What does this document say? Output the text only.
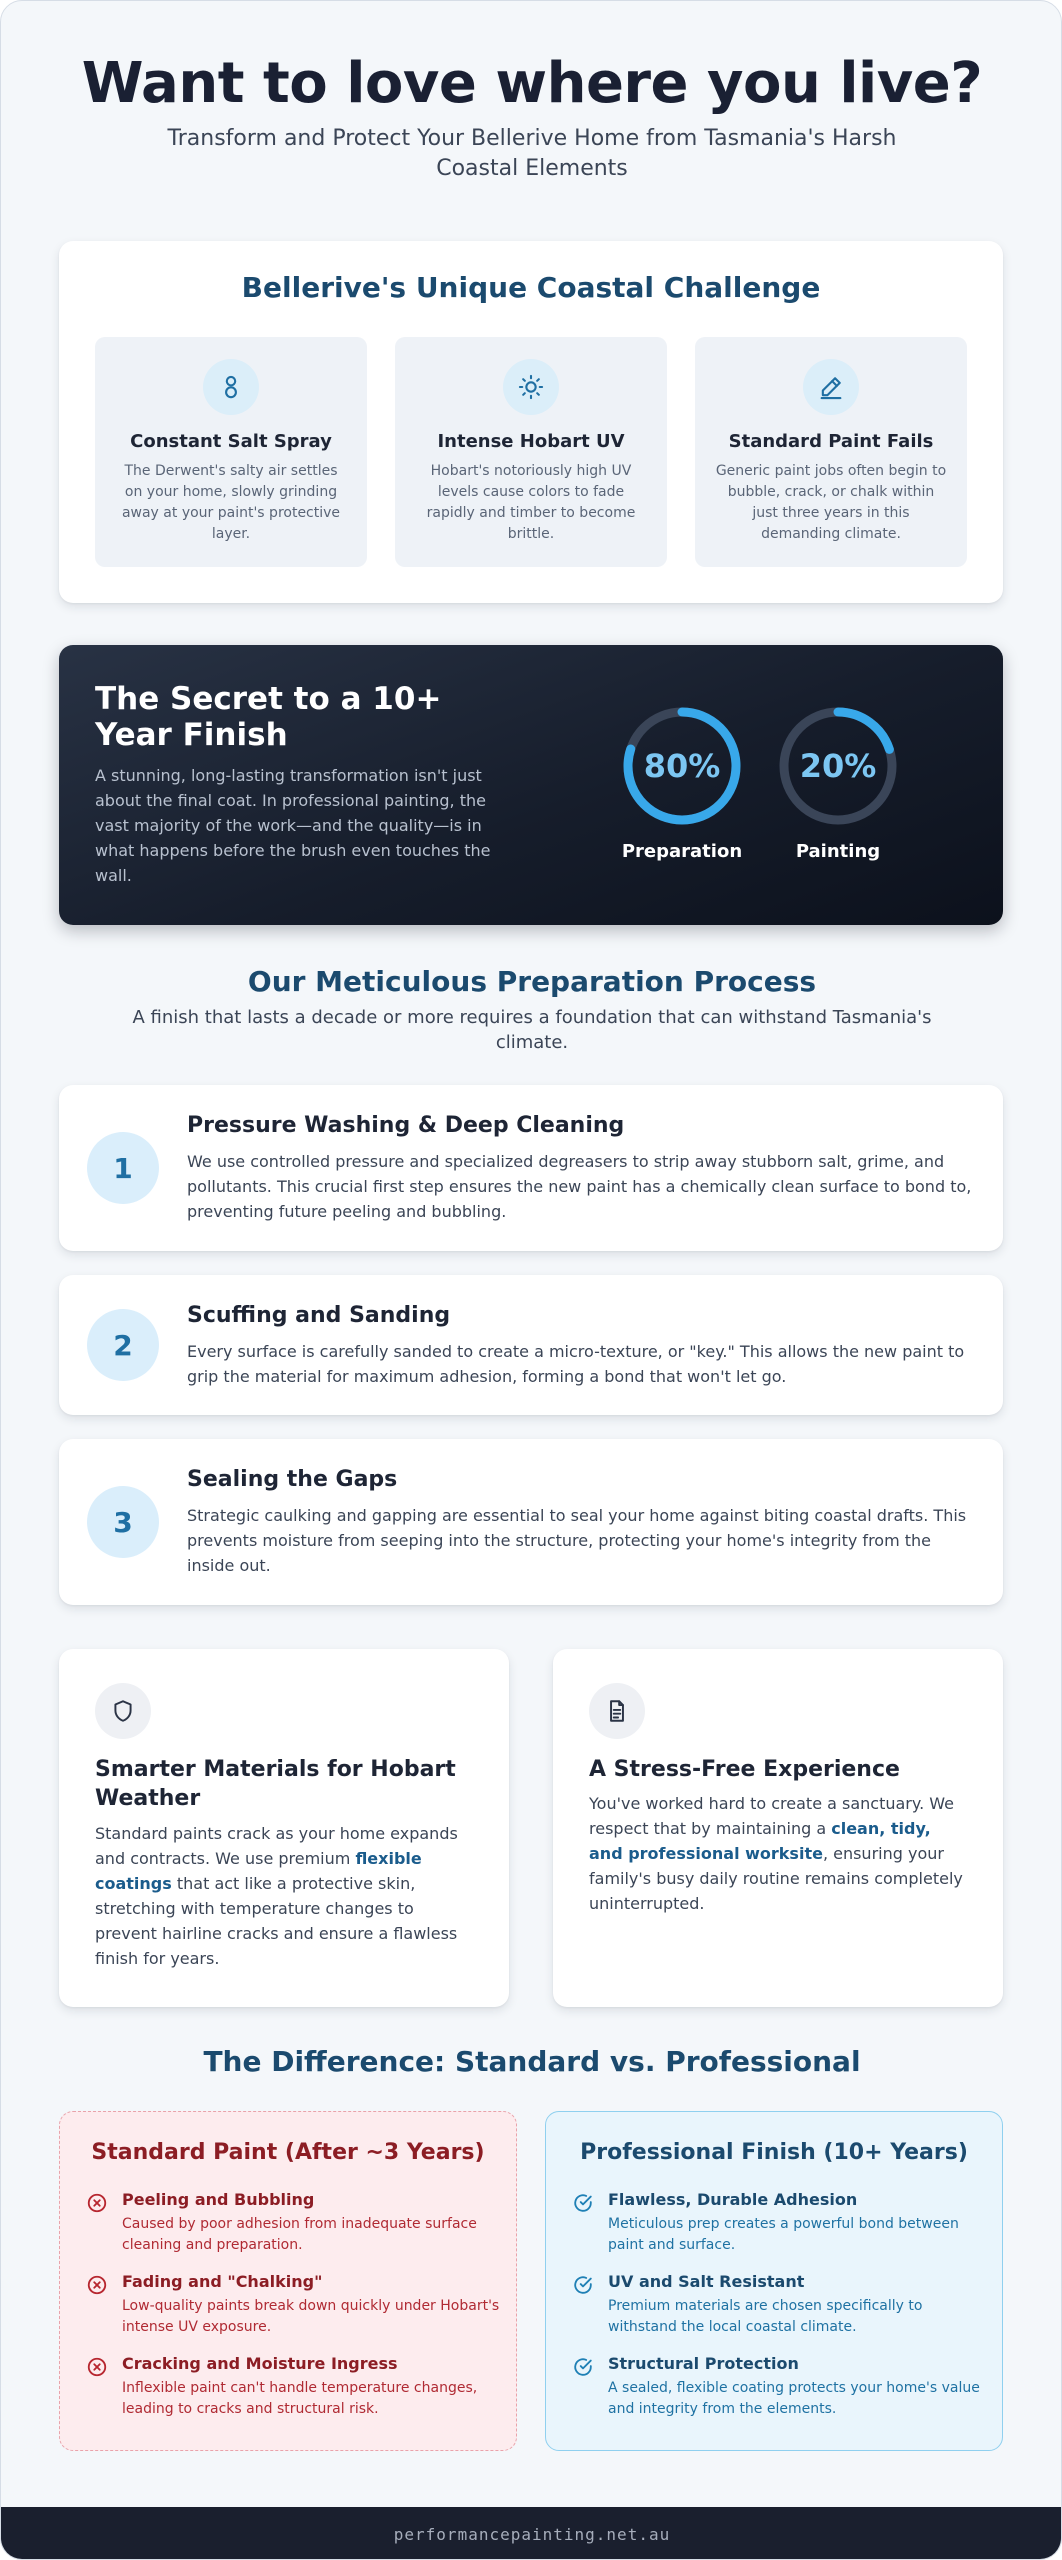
Want to love where you live?
Transform and Protect Your Bellerive Home from Tasmania's Harsh Coastal Elements
Bellerive's Unique Coastal Challenge
Constant Salt Spray
The Derwent's salty air settles on your home, slowly grinding away at your paint's protective layer.
Intense Hobart UV
Hobart's notoriously high UV levels cause colors to fade rapidly and timber to become brittle.
Standard Paint Fails
Generic paint jobs often begin to bubble, crack, or chalk within just three years in this demanding climate.
The Secret to a 10+ Year Finish

A stunning, long-lasting transformation isn't just about the final coat. In professional painting, the vast majority of the work—and the quality—is in what happens before the brush even touches the wall.

80%
Preparation
20%
Painting
Our Meticulous Preparation Process
A finish that lasts a decade or more requires a foundation that can withstand Tasmania's climate.
1
Pressure Washing & Deep Cleaning
We use controlled pressure and specialized degreasers to strip away stubborn salt, grime, and pollutants. This crucial first step ensures the new paint has a chemically clean surface to bond to, preventing future peeling and bubbling.
2
Scuffing and Sanding
Every surface is carefully sanded to create a micro-texture, or "key." This allows the new paint to grip the material for maximum adhesion, forming a bond that won't let go.
3
Sealing the Gaps
Strategic caulking and gapping are essential to seal your home against biting coastal drafts. This prevents moisture from seeping into the structure, protecting your home's integrity from the inside out.
Smarter Materials for Hobart Weather

Standard paints crack as your home expands and contracts. We use premium flexible coatings that act like a protective skin, stretching with temperature changes to prevent hairline cracks and ensure a flawless finish for years.

A Stress-Free Experience

You've worked hard to create a sanctuary. We respect that by maintaining a clean, tidy, and professional worksite, ensuring your family's busy daily routine remains completely uninterrupted.

The Difference: Standard vs. Professional
Standard Paint (After ~3 Years)
Peeling and Bubbling
Caused by poor adhesion from inadequate surface cleaning and preparation.
Fading and "Chalking"
Low-quality paints break down quickly under Hobart's intense UV exposure.
Cracking and Moisture Ingress
Inflexible paint can't handle temperature changes, leading to cracks and structural risk.
Professional Finish (10+ Years)
Flawless, Durable Adhesion
Meticulous prep creates a powerful bond between paint and surface.
UV and Salt Resistant
Premium materials are chosen specifically to withstand the local coastal climate.
Structural Protection
A sealed, flexible coating protects your home's value and integrity from the elements.
performancepainting.net.au
